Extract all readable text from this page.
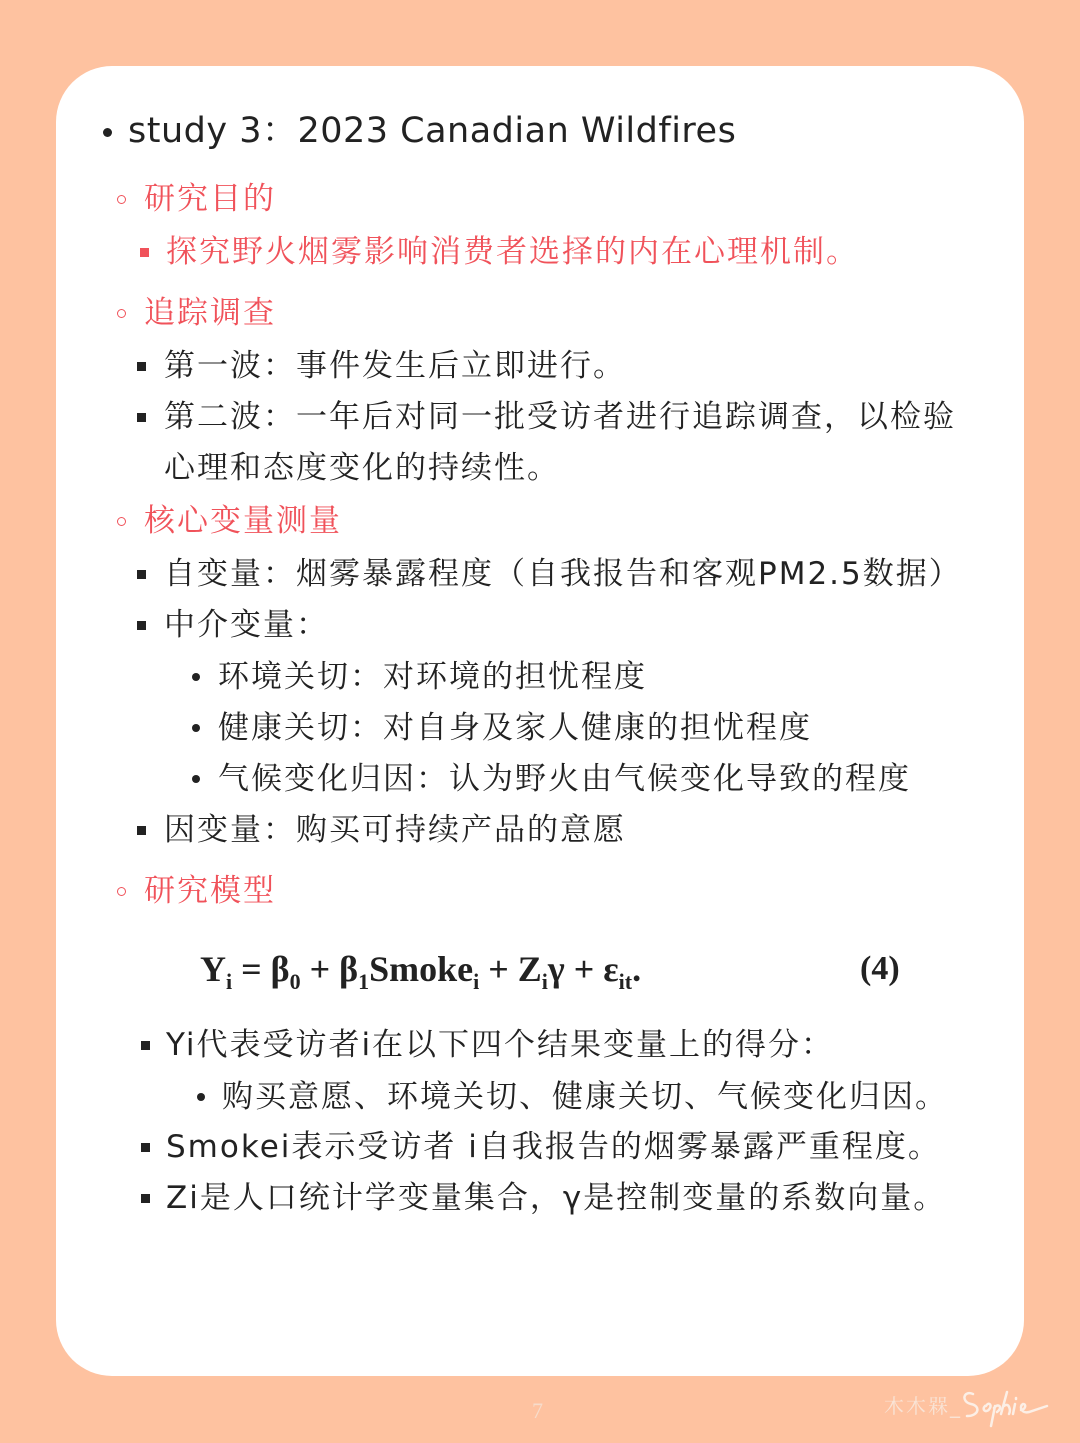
study 3：2023 Canadian Wildfires
研究目的
探究野火烟雾影响消费者选择的内在心理机制。
追踪调查
第一波：事件发生后立即进行。
第二波：一年后对同一批受访者进行追踪调查，以检验
心理和态度变化的持续性。
核心变量测量
自变量：烟雾暴露程度（自我报告和客观PM2.5数据）
中介变量：
环境关切：对环境的担忧程度
健康关切：对自身及家人健康的担忧程度
气候变化归因：认为野火由气候变化导致的程度
因变量：购买可持续产品的意愿
研究模型
$Y_i = \beta_0$ + $\beta_1Smoke_i + Z_i\gamma + \varepsilon_{it}$.	(4)
Yi代表受访者i在以下四个结果变量上的得分：
购买意愿、环境关切、健康关切、气候变化归因。
Smokei表示受访者 i自我报告的烟雾暴露严重程度。
Zi是人口统计学变量集合，γ是控制变量的系数向量。
7	木木槑_
